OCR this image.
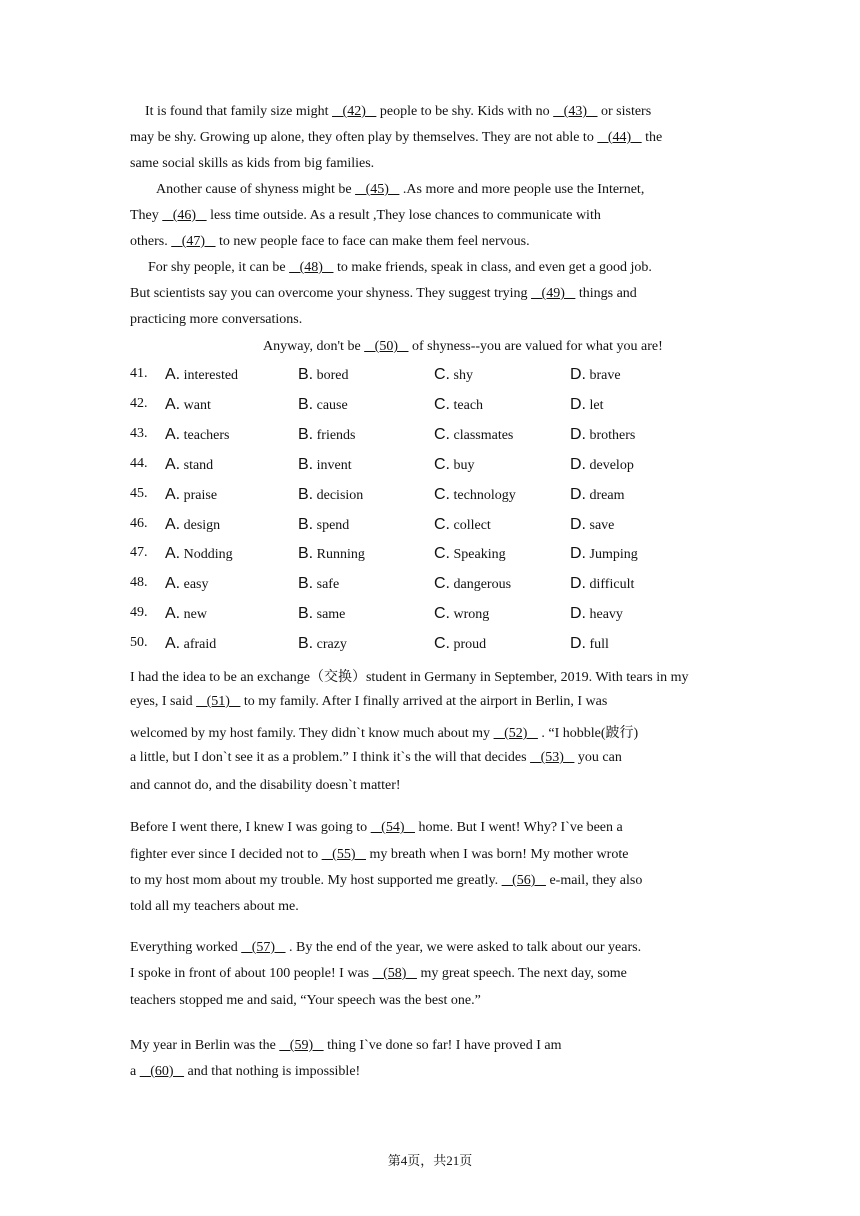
It is found that family size might    (42)    people to be shy. Kids with no    (43)    or sisters
may be shy. Growing up alone, they often play by themselves. They are not able to    (44)    the
same social skills as kids from big families.
Another cause of shyness might be    (45)    .As more and more people use the Internet,
They    (46)    less time outside. As a result ,They lose chances to communicate with
others.    (47)    to new people face to face can make them feel nervous.
For shy people, it can be    (48)    to make friends, speak in class, and even get a good job.
But scientists say you can overcome your shyness. They suggest trying    (49)    things and
practicing more conversations.
Anyway, don't be    (50)    of shyness--you are valued for what you are!
41. A. interested	B. bored	C. shy	D. brave
42. A. want	B. cause	C. teach	D. let
43. A. teachers	B. friends	C. classmates	D. brothers
44. A. stand	B. invent	C. buy	D. develop
45. A. praise	B. decision	C. technology	D. dream
46. A. design	B. spend	C. collect	D. save
47. A. Nodding	B. Running	C. Speaking	D. Jumping
48. A. easy	B. safe	C. dangerous	D. difficult
49. A. new	B. same	C. wrong	D. heavy
50. A. afraid	B. crazy	C. proud	D. full
I had the idea to be an exchange（交换）student in Germany in September, 2019. With tears in my
eyes, I said    (51)    to my family. After I finally arrived at the airport in Berlin, I was
welcomed by my host family. They didn`t know much about my    (52)    . “I hobble(跛行)
a little, but I don`t see it as a problem.” I think it`s the will that decides    (53)    you can
and cannot do, and the disability doesn`t matter!
Before I went there, I knew I was going to    (54)    home. But I went! Why? I`ve been a
fighter ever since I decided not to    (55)    my breath when I was born! My mother wrote
to my host mom about my trouble. My host supported me greatly.    (56)    e-mail, they also
told all my teachers about me.
Everything worked    (57)    . By the end of the year, we were asked to talk about our years.
I spoke in front of about 100 people! I was    (58)    my great speech. The next day, some
teachers stopped me and said, “Your speech was the best one.”
My year in Berlin was the    (59)    thing I`ve done so far! I have proved I am
a    (60)    and that nothing is impossible!
第4页，共21页
